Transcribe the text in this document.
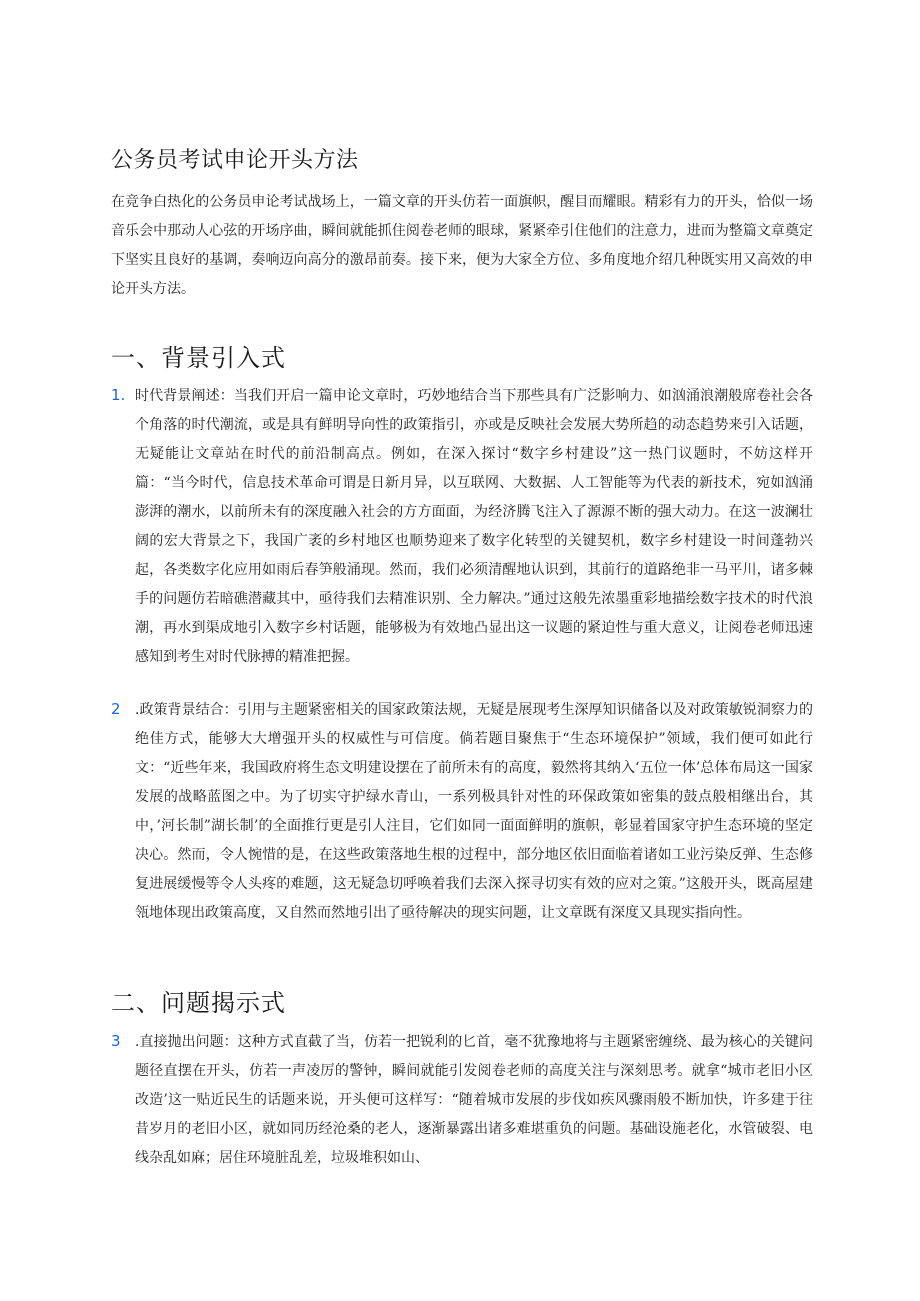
公务员考试申论开头方法

在竞争白热化的公务员申论考试战场上，一篇文章的开头仿若一面旗帜，醒目而耀眼。精彩有力的开头，恰似一场音乐会中那动人心弦的开场序曲，瞬间就能抓住阅卷老师的眼球，紧紧牵引住他们的注意力，进而为整篇文章奠定下坚实且良好的基调，奏响迈向高分的激昂前奏。接下来，便为大家全方位、多角度地介绍几种既实用又高效的申论开头方法。

一、背景引入式
1. 时代背景阐述：当我们开启一篇申论文章时，巧妙地结合当下那些具有广泛影响力、如汹涌浪潮般席卷社会各个角落的时代潮流，或是具有鲜明导向性的政策指引，亦或是反映社会发展大势所趋的动态趋势来引入话题，无疑能让文章站在时代的前沿制高点。例如，在深入探讨“数字乡村建设”这一热门议题时，不妨这样开篇：“当今时代，信息技术革命可谓是日新月异，以互联网、大数据、人工智能等为代表的新技术，宛如汹涌澎湃的潮水，以前所未有的深度融入社会的方方面面，为经济腾飞注入了源源不断的强大动力。在这一波澜壮阔的宏大背景之下，我国广袤的乡村地区也顺势迎来了数字化转型的关键契机，数字乡村建设一时间蓬勃兴起，各类数字化应用如雨后春笋般涌现。然而，我们必须清醒地认识到，其前行的道路绝非一马平川，诸多棘手的问题仿若暗礁潜藏其中，亟待我们去精准识别、全力解决。”通过这般先浓墨重彩地描绘数字技术的时代浪潮，再水到渠成地引入数字乡村话题，能够极为有效地凸显出这一议题的紧迫性与重大意义，让阅卷老师迅速感知到考生对时代脉搏的精准把握。
2 .政策背景结合：引用与主题紧密相关的国家政策法规，无疑是展现考生深厚知识储备以及对政策敏锐洞察力的绝佳方式，能够大大增强开头的权威性与可信度。倘若题目聚焦于“生态环境保护”领域，我们便可如此行文：“近些年来，我国政府将生态文明建设摆在了前所未有的高度，毅然将其纳入‘五位一体’总体布局这一国家发展的战略蓝图之中。为了切实守护绿水青山，一系列极具针对性的环保政策如密集的鼓点般相继出台，其中，’河长制”湖长制’的全面推行更是引人注目，它们如同一面面鲜明的旗帜，彰显着国家守护生态环境的坚定决心。然而，令人惋惜的是，在这些政策落地生根的过程中，部分地区依旧面临着诸如工业污染反弹、生态修复进展缓慢等令人头疼的难题，这无疑急切呼唤着我们去深入探寻切实有效的应对之策。”这般开头，既高屋建瓴地体现出政策高度，又自然而然地引出了亟待解决的现实问题，让文章既有深度又具现实指向性。
二、问题揭示式
3 .直接抛出问题：这种方式直截了当，仿若一把锐利的匕首，毫不犹豫地将与主题紧密缠绕、最为核心的关键问题径直摆在开头，仿若一声凌厉的警钟，瞬间就能引发阅卷老师的高度关注与深刻思考。就拿“城市老旧小区改造’这一贴近民生的话题来说，开头便可这样写：“随着城市发展的步伐如疾风骤雨般不断加快，许多建于往昔岁月的老旧小区，就如同历经沧桑的老人，逐渐暴露出诸多难堪重负的问题。基础设施老化，水管破裂、电线杂乱如麻；居住环境脏乱差，垃圾堆积如山、
